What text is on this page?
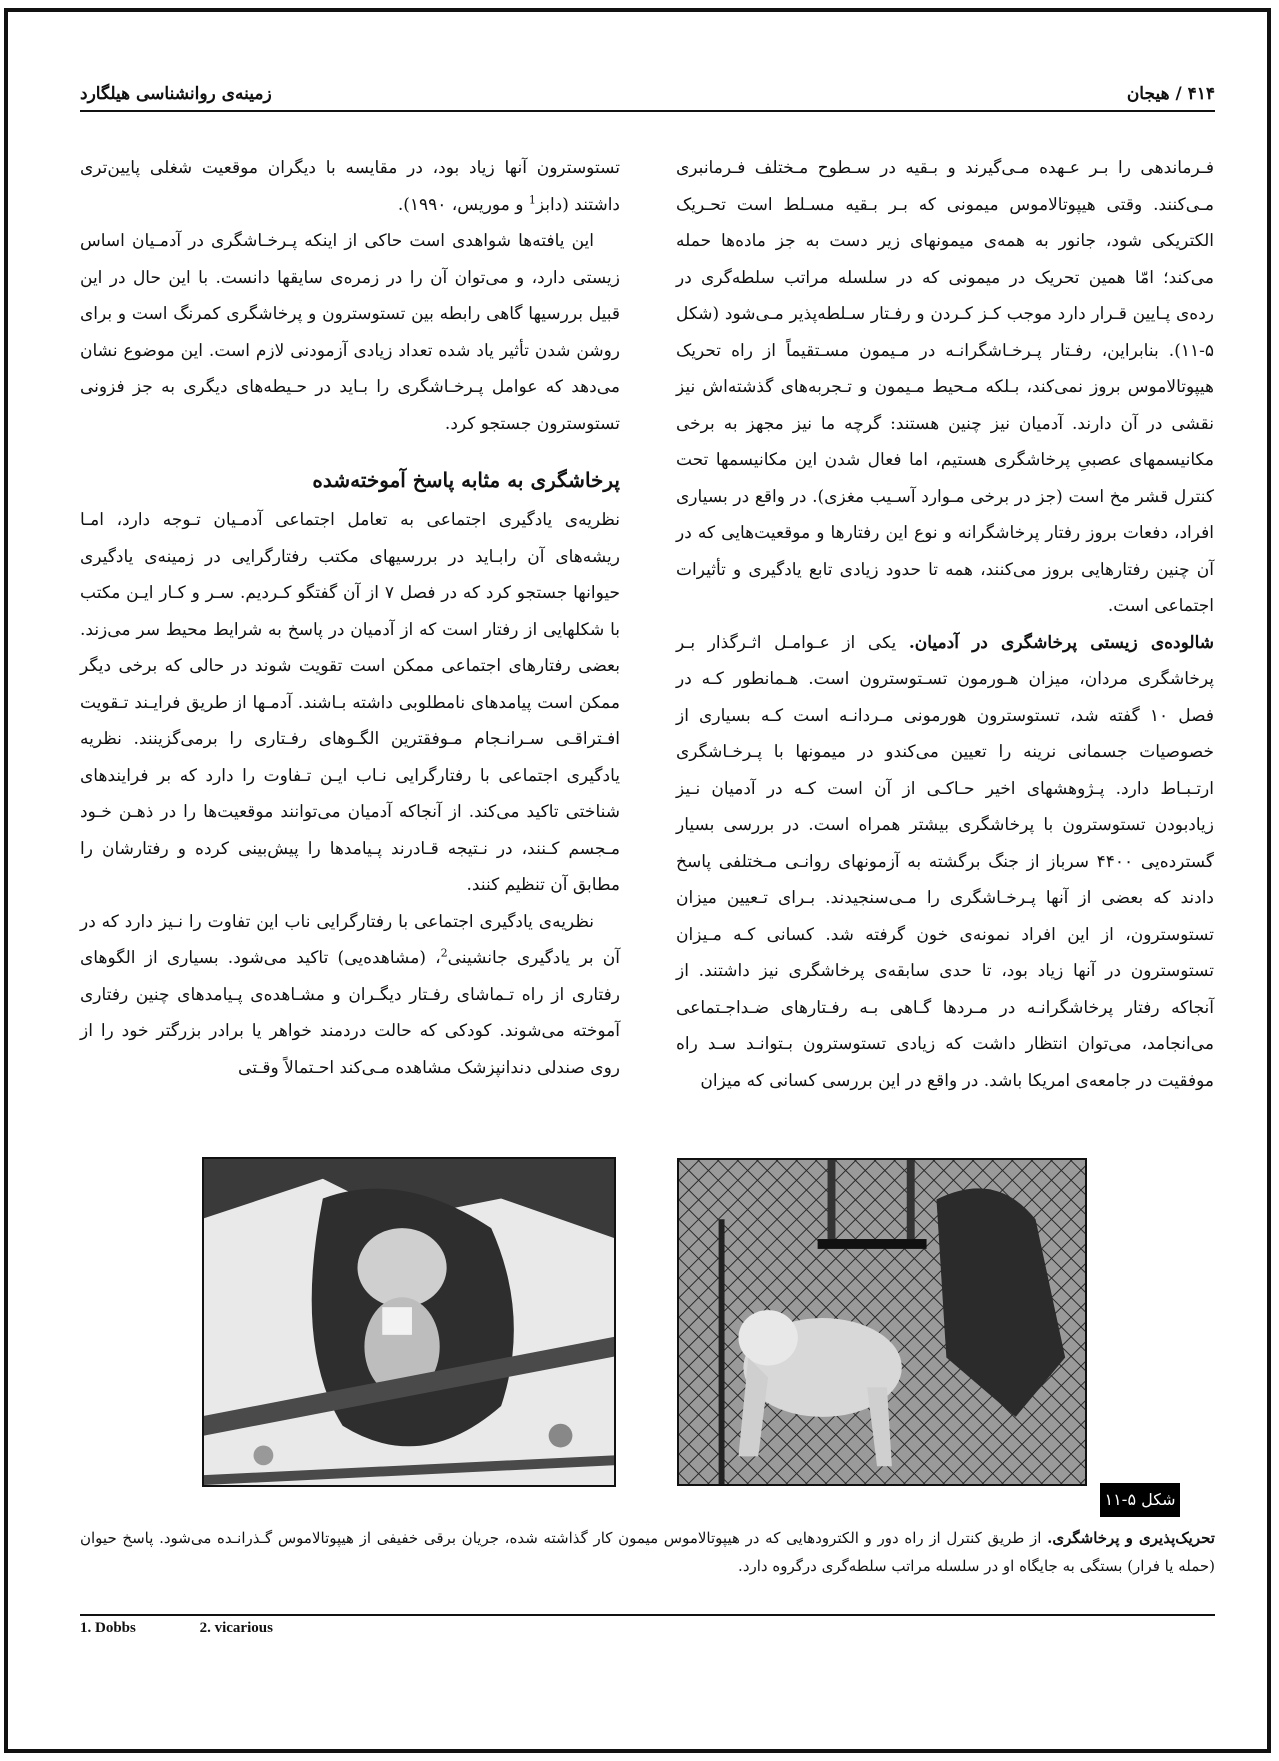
۴۱۴ / هیجان
زمینه‌ی روانشناسی هیلگارد

فـرماندهی را بـر عـهده مـی‌گیرند و بـقیه در سـطوح مـختلف فـرمانبری مـی‌کنند. وقتی هیپوتالاموس میمونی که بـر بـقیه مسـلط است تحـریک الکتریکی شود، جانور به همه‌ی میمونهای زیر دست به جز ماده‌ها حمله می‌کند؛ امّا همین تحریک در میمونی که در سلسله مراتب سلطه‌گری در رده‌ی پـایین قـرار دارد موجب کـز کـردن و رفـتار سـلطه‌پذیر مـی‌شود (شکل ۵-۱۱). بنابراین، رفـتار پـرخـاشگرانـه در مـیمون مسـتقیماً از راه تحریک هیپوتالاموس بروز نمی‌کند، بـلکه مـحیط مـیمون و تـجربه‌های گذشته‌اش نیز نقشی در آن دارند. آدمیان نیز چنین هستند: گرچه ما نیز مجهز به برخی مکانیسمهای عصبیِ پرخاشگری هستیم، اما فعال شدن این مکانیسمها تحت کنترل قشر مخ است (جز در برخی مـوارد آسـیب مغزی). در واقع در بسیاری افراد، دفعات بروز رفتار پرخاشگرانه و نوع این رفتارها و موقعیت‌هایی که در آن چنین رفتارهایی بروز می‌کنند، همه تا حدود زیادی تابع یادگیری و تأثیرات اجتماعی است.

شالوده‌ی زیستی پرخاشگری در آدمیان. یکی از عـوامـل اثـرگذار بـر پرخاشگری مردان، میزان هـورمون تسـتوسترون است. هـمانطور کـه در فصل ۱۰ گفته شد، تستوسترون هورمونی مـردانـه است کـه بسیاری از خصوصیات جسمانی نرینه را تعیین می‌کندو در میمونها با پـرخـاشگری ارتـبـاط دارد. پـژوهشهای اخیر حـاکـی از آن است کـه در آدمیان نـیز زیادبودن تستوسترون با پرخاشگری بیشتر همراه است. در بررسی بسیار گسترده‌یی ۴۴۰۰ سرباز از جنگ برگشته به آزمونهای روانـی مـختلفی پاسخ دادند که بعضی از آنها پـرخـاشگری را مـی‌سنجیدند. بـرای تـعیین میزان تستوسترون، از این افراد نمونه‌ی خون گرفته شد. کسانی کـه مـیزان تستوسترون در آنها زیاد بود، تا حدی سابقه‌ی پرخاشگری نیز داشتند. از آنجاکه رفتار پرخاشگرانـه در مـردها گـاهی بـه رفـتارهای ضـداجـتماعی می‌انجامد، می‌توان انتظار داشت که زیادی تستوسترون بـتوانـد سـد راه موفقیت در جامعه‌ی امریکا باشد. در واقع در این بررسی کسانی که میزان

تستوسترون آنها زیاد بود، در مقایسه با دیگران موقعیت شغلی پایین‌تری داشتند (دابز$^1$ و موریس، ۱۹۹۰).

این یافته‌ها شواهدی است حاکی از اینکه پـرخـاشگری در آدمـیان اساس زیستی دارد، و می‌توان آن را در زمره‌ی سایقها دانست. با این حال در این قبیل بررسیها گاهی رابطه بین تستوسترون و پرخاشگری کمرنگ است و برای روشن شدن تأثیر یاد شده تعداد زیادی آزمودنی لازم است. این موضوع نشان می‌دهد که عوامل پـرخـاشگری را بـاید در حـیطه‌های دیگری به جز فزونی تستوسترون جستجو کرد.

پرخاشگری به مثابه پاسخ آموخته‌شده

نظریه‌ی یادگیری اجتماعی به تعامل اجتماعی آدمـیان تـوجه دارد، امـا ریشه‌های آن رابـاید در بررسیهای مکتب رفتارگرایی در زمینه‌ی یادگیری حیوانها جستجو کرد که در فصل ۷ از آن گفتگو کـردیم. سـر و کـار ایـن مکتب با شکلهایی از رفتار است که از آدمیان در پاسخ به شرایط محیط سر می‌زند. بعضی رفتارهای اجتماعی ممکن است تقویت شوند در حالی که برخی دیگر ممکن است پیامدهای نامطلوبی داشته بـاشند. آدمـها از طریق فرایـند تـقویت افـتراقـی سـرانـجام مـوفقترین الگـوهای رفـتاری را برمی‌گزینند. نظریه یادگیری اجتماعی با رفتارگرایی نـاب ایـن تـفاوت را دارد که بر فرایندهای شناختی تاکید می‌کند. از آنجاکه آدمیان می‌توانند موقعیت‌ها را در ذهـن خـود مـجسم کـنند، در نـتیجه قـادرند پـیامدها را پیش‌بینی کرده و رفتارشان را مطابق آن تنظیم کنند.

نظریه‌ی یادگیری اجتماعی با رفتارگرایی ناب این تفاوت را نـیز دارد که در آن بر یادگیری جانشینی$^2$، (مشاهده‌یی) تاکید می‌شود. بسیاری از الگوهای رفتاری از راه تـماشای رفـتار دیگـران و مشـاهده‌ی پـیامدهای چنین رفتاری آموخته می‌شوند. کودکی که حالت دردمند خواهر یا برادر بزرگتر خود را از روی صندلی دندانپزشک مشاهده مـی‌کند احـتمالاً وقـتی

شکل ۵-۱۱
تحریک‌پذیری و پرخاشگری. از طریق کنترل از راه دور و الکترودهایی که در هیپوتالاموس میمون کار گذاشته شده، جریان برقی خفیفی از هیپوتالاموس گـذرانـده می‌شود. پاسخ حیوان (حمله یا فرار) بستگی به جایگاه او در سلسله مراتب سلطه‌گری درگروه دارد.
1. Dobbs	2. vicarious
